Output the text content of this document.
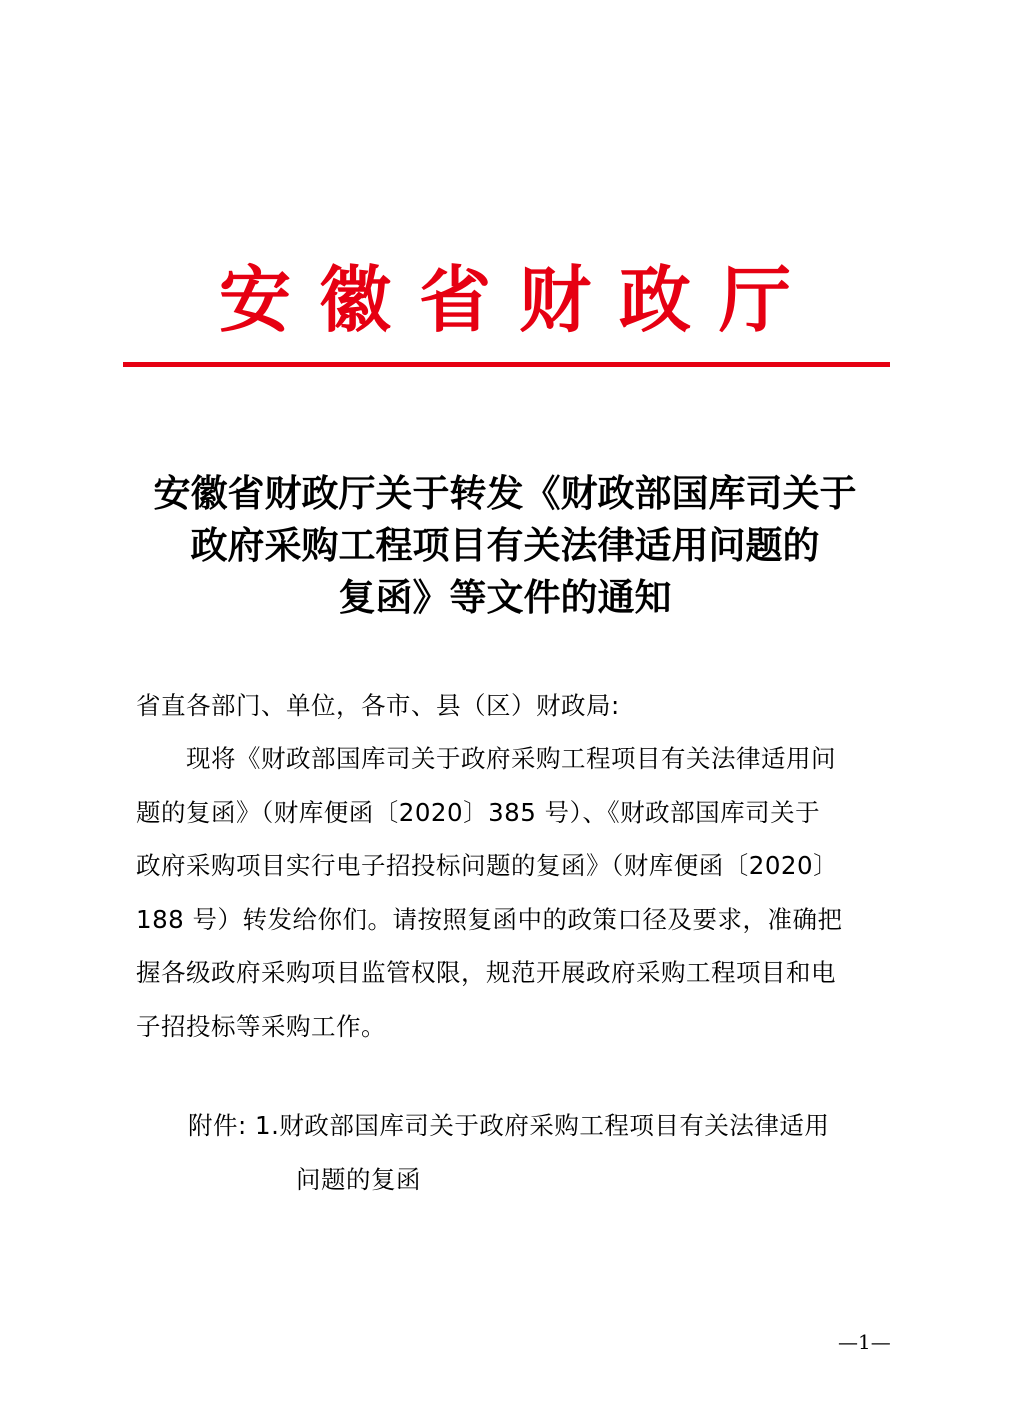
安徽省财政厅
安徽省财政厅关于转发《财政部国库司关于
政府采购工程项目有关法律适用问题的
复函》等文件的通知
省直各部门、单位，各市、县（区）财政局:
　　现将《财政部国库司关于政府采购工程项目有关法律适用问
题的复函》（财库便函〔2020〕385 号）、《财政部国库司关于
政府采购项目实行电子招投标问题的复函》（财库便函〔2020〕
188 号）转发给你们。请按照复函中的政策口径及要求，准确把
握各级政府采购项目监管权限，规范开展政府采购工程项目和电
子招投标等采购工作。
附件: 1.财政部国库司关于政府采购工程项目有关法律适用
问题的复函
—1—
